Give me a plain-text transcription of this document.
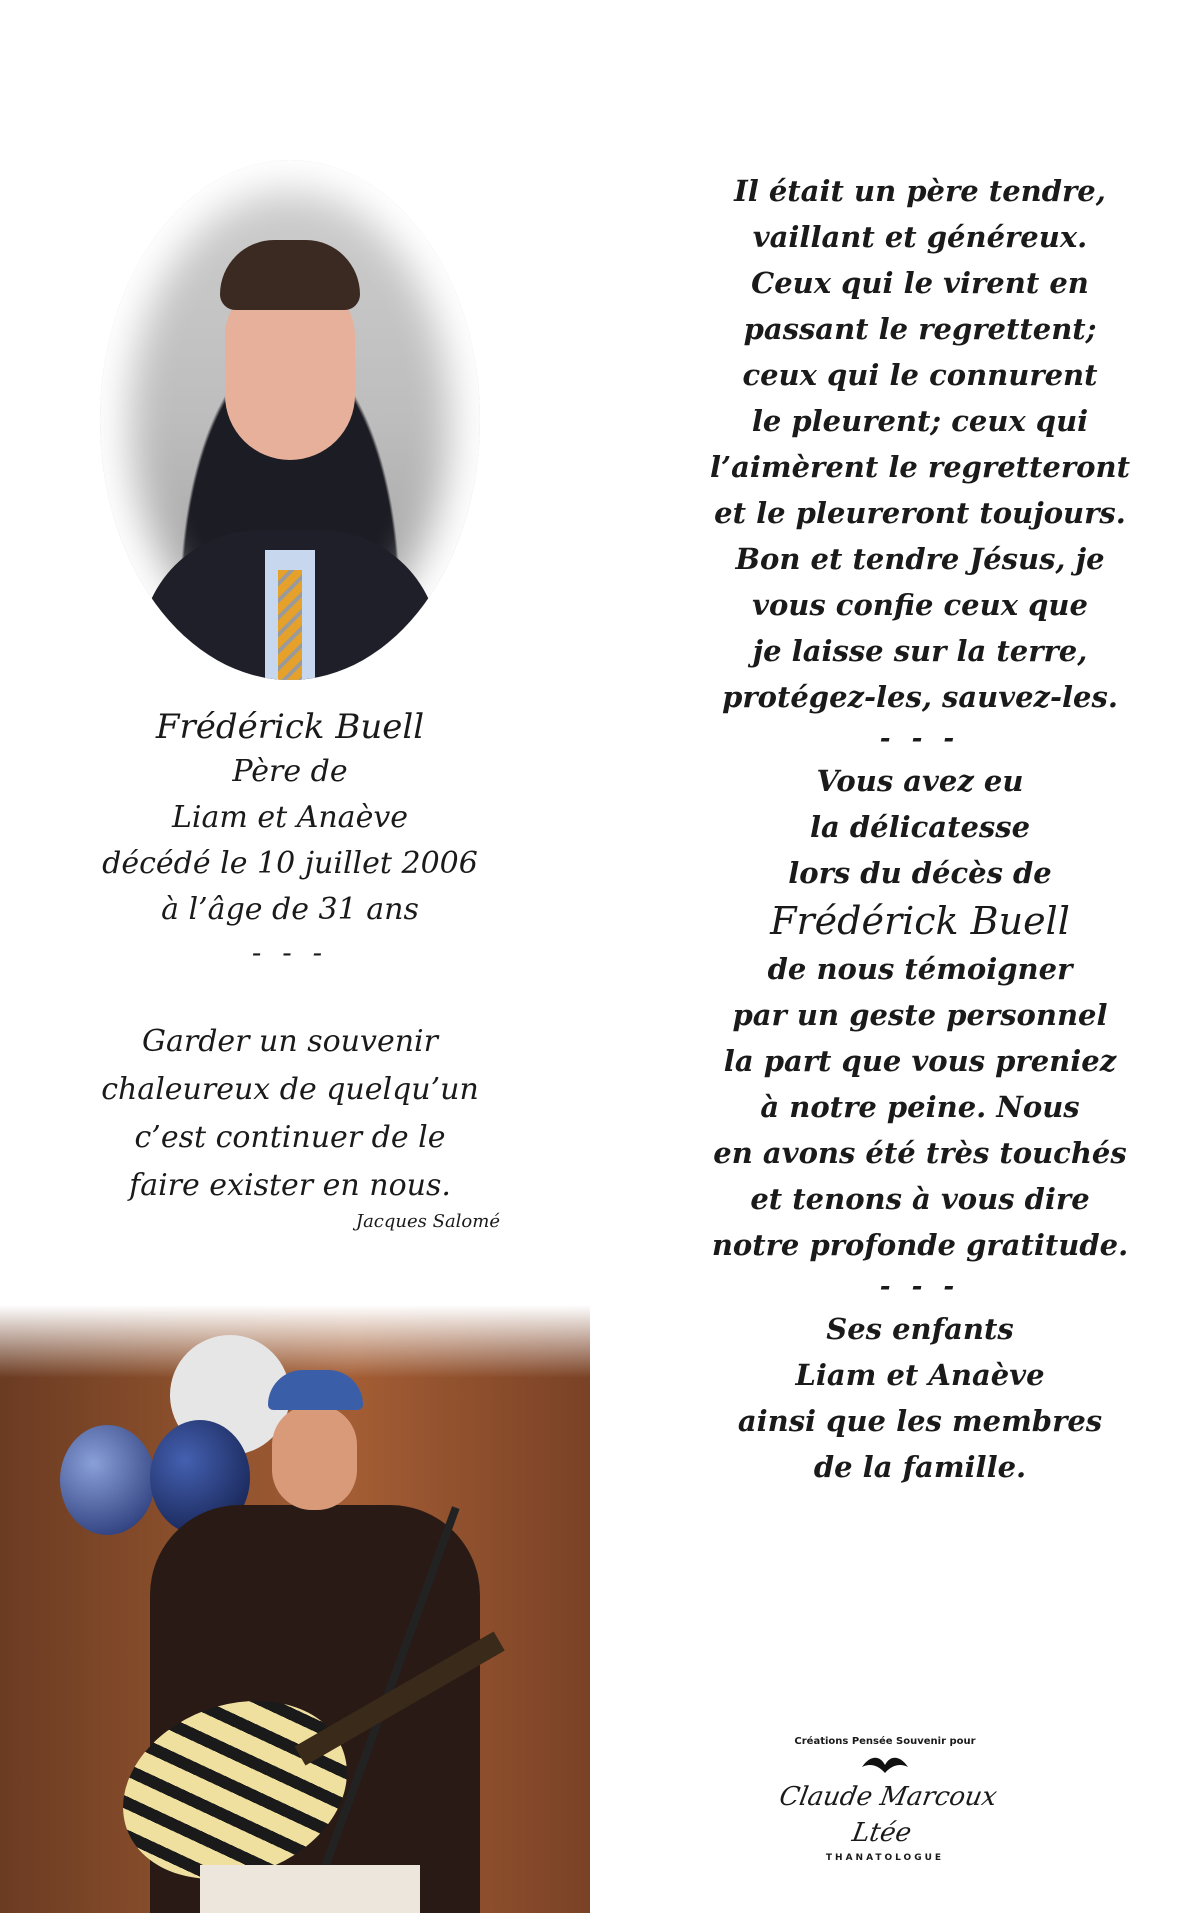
Frédérick Buell
Père de
Liam et Anaève
décédé le 10 juillet 2006
à l’âge de 31 ans
- - -
Garder un souvenir
chaleureux de quelqu’un
c’est continuer de le
faire exister en nous.
Jacques Salomé
Il était un père tendre,
vaillant et généreux.
Ceux qui le virent en
passant le regrettent;
ceux qui le connurent
le pleurent; ceux qui
l’aimèrent le regretteront
et le pleureront toujours.
Bon et tendre Jésus, je
vous confie ceux que
je laisse sur la terre,
protégez-les, sauvez-les.
- - -
Vous avez eu
la délicatesse
lors du décès de
Frédérick Buell
de nous témoigner
par un geste personnel
la part que vous preniez
à notre peine. Nous
en avons été très touchés
et tenons à vous dire
notre profonde gratitude.
- - -
Ses enfants
Liam et Anaève
ainsi que les membres
de la famille.
Créations Pensée Souvenir pour
Claude Marcoux Ltée
THANATOLOGUE
